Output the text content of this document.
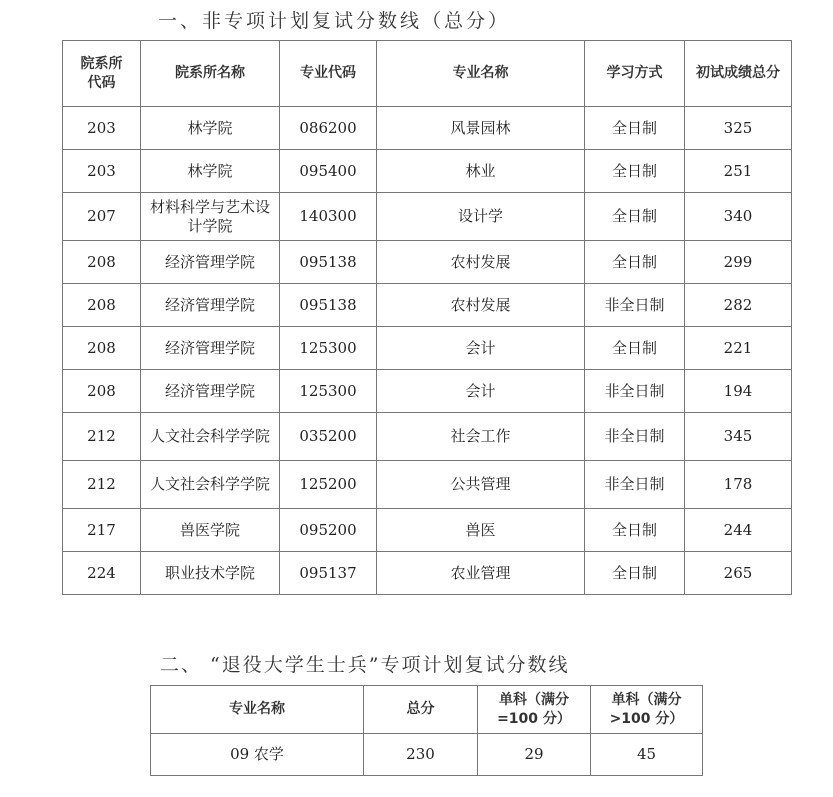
一、非专项计划复试分数线（总分）
院系所代码	院系所名称	专业代码	专业名称	学习方式	初试成绩总分
203	林学院	086200	风景园林	全日制	325
203	林学院	095400	林业	全日制	251
207	材料科学与艺术设计学院	140300	设计学	全日制	340
208	经济管理学院	095138	农村发展	全日制	299
208	经济管理学院	095138	农村发展	非全日制	282
208	经济管理学院	125300	会计	全日制	221
208	经济管理学院	125300	会计	非全日制	194
212	人文社会科学学院	035200	社会工作	非全日制	345
212	人文社会科学学院	125200	公共管理	非全日制	178
217	兽医学院	095200	兽医	全日制	244
224	职业技术学院	095137	农业管理	全日制	265
二、 “退役大学生士兵”专项计划复试分数线
专业名称	总分	单科（满分=100 分）	单科（满分>100 分）
09 农学	230	29	45
